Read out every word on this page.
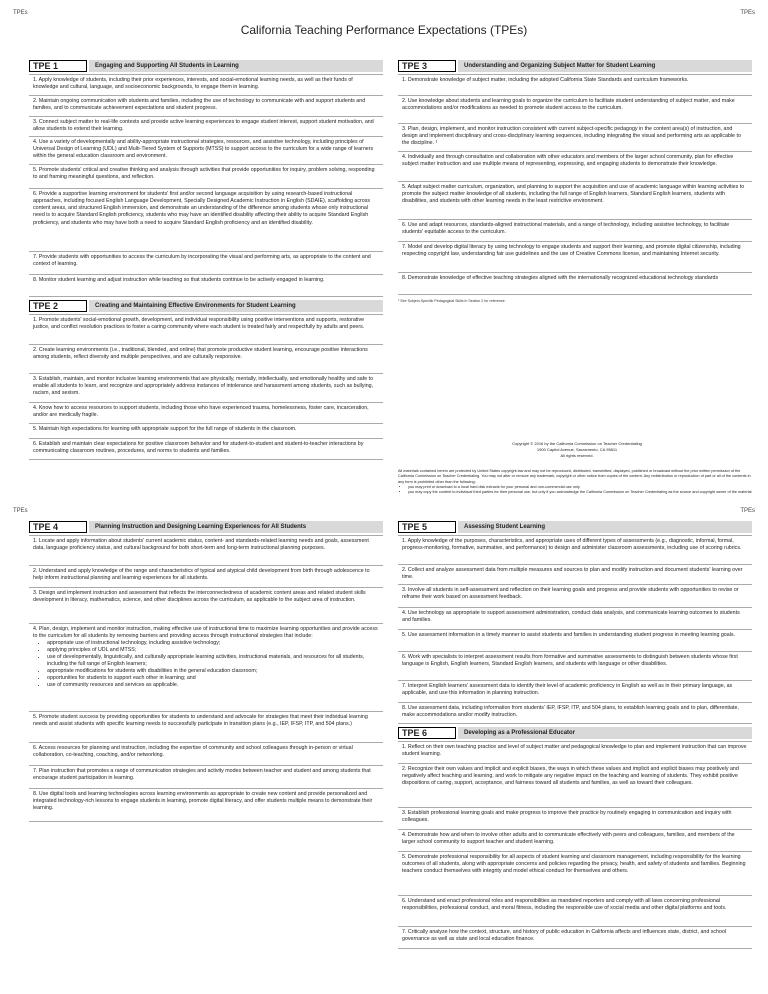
TPEs	TPEs
California Teaching Performance Expectations (TPEs)
TPE 1	Engaging and Supporting All Students in Learning
1. Apply knowledge of students, including their prior experiences, interests, and social-emotional learning needs, as well as their funds of knowledge and cultural, language, and socioeconomic backgrounds, to engage them in learning.
2. Maintain ongoing communication with students and families, including the use of technology to communicate with and support students and families, and to communicate achievement expectations and student progress.
3. Connect subject matter to real-life contexts and provide active learning experiences to engage student interest, support student motivation, and allow students to extend their learning.
4. Use a variety of developmentally and ability-appropriate instructional strategies, resources, and assistive technology, including principles of Universal Design of Learning (UDL) and Multi-Tiered System of Supports (MTSS) to support access to the curriculum for a wide range of learners within the general education classroom and environment.
5. Promote students' critical and creative thinking and analysis through activities that provide opportunities for inquiry, problem solving, responding to and framing meaningful questions, and reflection.
6. Provide a supportive learning environment for students' first and/or second language acquisition by using research-based instructional approaches, including focused English Language Development, Specially Designed Academic Instruction in English (SDAIE), scaffolding across content areas, and structured English immersion, and demonstrate an understanding of the difference among students whose only instructional need is to acquire Standard English proficiency, students who may have an identified disability affecting their ability to acquire Standard English proficiency, and students who may have both a need to acquire Standard English proficiency and an identified disability.
7. Provide students with opportunities to access the curriculum by incorporating the visual and performing arts, as appropriate to the content and context of learning.
8. Monitor student learning and adjust instruction while teaching so that students continue to be actively engaged in learning.
TPE 2	Creating and Maintaining Effective Environments for Student Learning
1. Promote students' social-emotional growth, development, and individual responsibility using positive interventions and supports, restorative justice, and conflict resolution practices to foster a caring community where each student is treated fairly and respectfully by adults and peers.
2. Create learning environments (i.e., traditional, blended, and online) that promote productive student learning, encourage positive interactions among students, reflect diversity and multiple perspectives, and are culturally responsive.
3. Establish, maintain, and monitor inclusive learning environments that are physically, mentally, intellectually, and emotionally healthy and safe to enable all students to learn, and recognize and appropriately address instances of intolerance and harassment among students, such as bullying, racism, and sexism.
4. Know how to access resources to support students, including those who have experienced trauma, homelessness, foster care, incarceration, and/or are medically fragile.
5. Maintain high expectations for learning with appropriate support for the full range of students in the classroom.
6. Establish and maintain clear expectations for positive classroom behavior and for student-to-student and student-to-teacher interactions by communicating classroom routines, procedures, and norms to students and families.
TPE 3	Understanding and Organizing Subject Matter for Student Learning
1. Demonstrate knowledge of subject matter, including the adopted California State Standards and curriculum frameworks.
2. Use knowledge about students and learning goals to organize the curriculum to facilitate student understanding of subject matter, and make accommodations and/or modifications as needed to promote student access to the curriculum.
3. Plan, design, implement, and monitor instruction consistent with current subject-specific pedagogy in the content area(s) of instruction, and design and implement disciplinary and cross-disciplinary learning sequences, including integrating the visual and performing arts as applicable to the discipline. ¹
4. Individually and through consultation and collaboration with other educators and members of the larger school community, plan for effective subject matter instruction and use multiple means of representing, expressing, and engaging students to demonstrate their knowledge.
5. Adapt subject matter curriculum, organization, and planning to support the acquisition and use of academic language within learning activities to promote the subject matter knowledge of all students, including the full range of English learners, Standard English learners, students with disabilities, and students with other learning needs in the least restrictive environment.
6. Use and adapt resources, standards-aligned instructional materials, and a range of technology, including assistive technology, to facilitate students' equitable access to the curriculum.
7. Model and develop digital literacy by using technology to engage students and support their learning, and promote digital citizenship, including respecting copyright law, understanding fair use guidelines and the use of Creative Commons license, and maintaining Internet security.
8. Demonstrate knowledge of effective teaching strategies aligned with the internationally recognized educational technology standards
¹ See Subject-Specific Pedagogical Skills in Section 2 for reference.
Copyright © 2016 by the California Commission on Teacher Credentialing
1900 Capitol Avenue, Sacramento, CA 95811
All rights reserved.
All materials contained herein are protected by United States copyright law and may not be reproduced, distributed, transmitted, displayed, published or broadcast without the prior written permission of the California Commission on Teacher Credentialing. You may not alter or remove any trademark, copyright or other notice from copies of the content. Any redistribution or reproduction of part or all of the contents in any form is prohibited other than the following:
• you may print or download to a local hard disk extracts for your personal and non-commercial use only
• you may copy the content to individual third parties for their personal use, but only if you acknowledge the California Commission on Teacher Credentialing as the source and copyright owner of the material
TPEs	TPEs
TPE 4	Planning Instruction and Designing Learning Experiences for All Students
1. Locate and apply information about students' current academic status, content- and standards-related learning needs and goals, assessment data, language proficiency status, and cultural background for both short-term and long-term instructional planning purposes.
2. Understand and apply knowledge of the range and characteristics of typical and atypical child development from birth through adolescence to help inform instructional planning and learning experiences for all students.
3. Design and implement instruction and assessment that reflects the interconnectedness of academic content areas and related student skills development in literacy, mathematics, science, and other disciplines across the curriculum, as applicable to the subject area of instruction.
4. Plan, design, implement and monitor instruction, making effective use of instructional time to maximize learning opportunities and provide access to the curriculum for all students by removing barriers and providing access through instructional strategies that include:
• appropriate use of instructional technology, including assistive technology;
• applying principles of UDL and MTSS;
• use of developmentally, linguistically, and culturally appropriate learning activities, instructional materials, and resources for all students, including the full range of English learners;
• appropriate modifications for students with disabilities in the general education classroom;
• opportunities for students to support each other in learning; and
• use of community resources and services as applicable.
5. Promote student success by providing opportunities for students to understand and advocate for strategies that meet their individual learning needs and assist students with specific learning needs to successfully participate in transition plans (e.g., IEP, IFSP, ITP, and 504 plans.)
6. Access resources for planning and instruction, including the expertise of community and school colleagues through in-person or virtual collaboration, co-teaching, coaching, and/or networking.
7. Plan instruction that promotes a range of communication strategies and activity modes between teacher and student and among students that encourage student participation in learning.
8. Use digital tools and learning technologies across learning environments as appropriate to create new content and provide personalized and integrated technology-rich lessons to engage students in learning, promote digital literacy, and offer students multiple means to demonstrate their learning.
TPE 5	Assessing Student Learning
1. Apply knowledge of the purposes, characteristics, and appropriate uses of different types of assessments (e.g., diagnostic, informal, formal, progress-monitoring, formative, summative, and performance) to design and administer classroom assessments, including use of scoring rubrics.
2. Collect and analyze assessment data from multiple measures and sources to plan and modify instruction and document students' learning over time.
3. Involve all students in self-assessment and reflection on their learning goals and progress and provide students with opportunities to revise or reframe their work based on assessment feedback.
4. Use technology as appropriate to support assessment administration, conduct data analysis, and communicate learning outcomes to students and families.
5. Use assessment information in a timely manner to assist students and families in understanding student progress in meeting learning goals.
6. Work with specialists to interpret assessment results from formative and summative assessments to distinguish between students whose first language is English, English learners, Standard English learners, and students with language or other disabilities.
7. Interpret English learners' assessment data to identify their level of academic proficiency in English as well as in their primary language, as applicable, and use this information in planning instruction.
8. Use assessment data, including information from students' IEP, IFSP, ITP, and 504 plans, to establish learning goals and to plan, differentiate, make accommodations and/or modify instruction.
TPE 6	Developing as a Professional Educator
1. Reflect on their own teaching practice and level of subject matter and pedagogical knowledge to plan and implement instruction that can improve student learning.
2. Recognize their own values and implicit and explicit biases, the ways in which these values and implicit and explicit biases may positively and negatively affect teaching and learning, and work to mitigate any negative impact on the teaching and learning of students. They exhibit positive dispositions of caring, support, acceptance, and fairness toward all students and families, as well as toward their colleagues.
3. Establish professional learning goals and make progress to improve their practice by routinely engaging in communication and inquiry with colleagues.
4. Demonstrate how and when to involve other adults and to communicate effectively with peers and colleagues, families, and members of the larger school community to support teacher and student learning.
5. Demonstrate professional responsibility for all aspects of student learning and classroom management, including responsibility for the learning outcomes of all students, along with appropriate concerns and policies regarding the privacy, health, and safety of students and families. Beginning teachers conduct themselves with integrity and model ethical conduct for themselves and others.
6. Understand and enact professional roles and responsibilities as mandated reporters and comply with all laws concerning professional responsibilities, professional conduct, and moral fitness, including the responsible use of social media and other digital platforms and tools.
7. Critically analyze how the context, structure, and history of public education in California affects and influences state, district, and school governance as well as state and local education finance.
